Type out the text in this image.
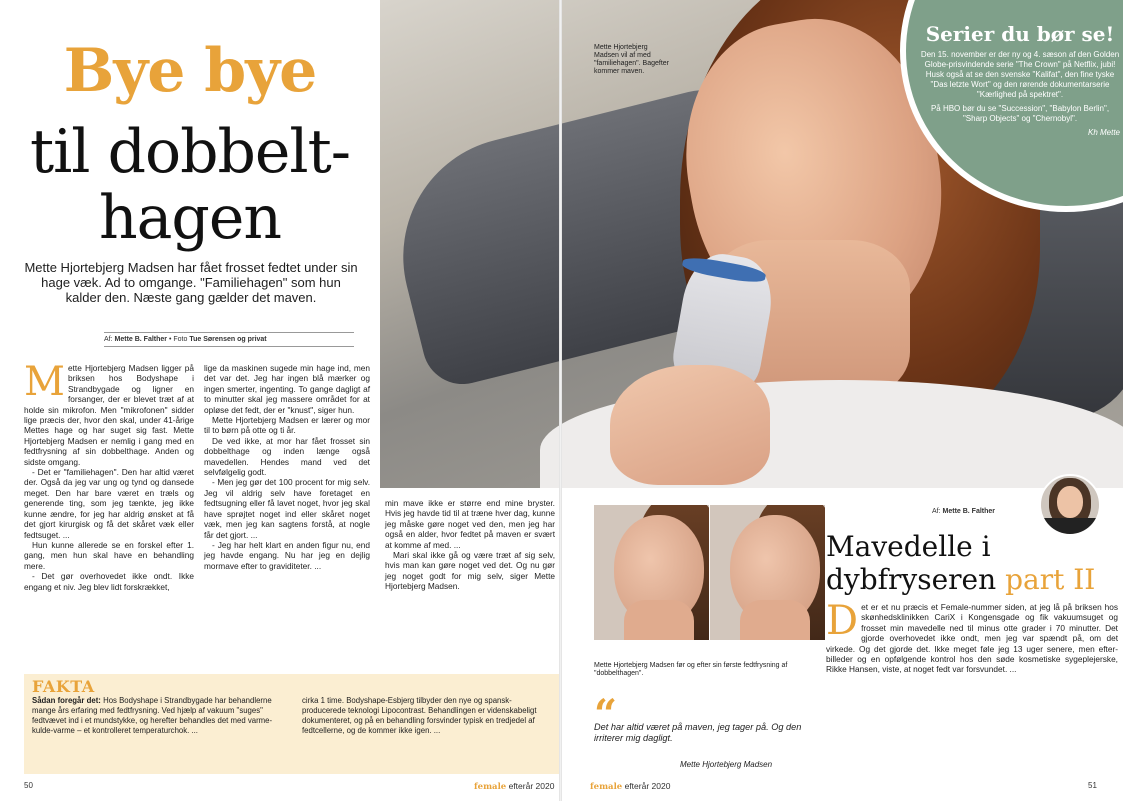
Mette Hjortebjerg Madsen vil af med "familiehagen". Bagefter kommer maven.
Bye bye
til dobbelt-
hagen
Mette Hjortebjerg Madsen har fået frosset fedtet under sin hage væk. Ad to omgange. "Familiehagen" som hun kalder den. Næste gang gælder det maven.
Af: Mette B. Falther • Foto Tue Sørensen og privat
M ette Hjortebjerg Madsen ligger på briksen hos Bodyshape i Strandbygade og ligner en forsanger, der er blevet træt af at holde sin mikrofon. Men "mikrofonen" sidder lige præcis der, hvor den skal, under 41-årige Mettes hage og har suget sig fast. Mette Hjortebjerg Madsen er nemlig i gang med en fedtfrysning af sin dobbelthage. Anden og sidste omgang.

- Det er "familiehagen". Den har altid været der. Også da jeg var ung og tynd og dansede meget. Den har bare været en træls og generende ting, som jeg tænkte, jeg ikke kunne ændre, for jeg har aldrig ønsket at få det gjort kirurgisk og få det skåret væk eller fedtsuget. ...

Hun kunne allerede se en forskel efter 1. gang, men hun skal have en behandling mere.

- Det gør overhovedet ikke ondt. Ikke engang et niv. Jeg blev lidt forskrækket,

lige da maskinen sugede min hage ind, men det var det. Jeg har ingen blå mærker og ingen smerter, ingenting. To gange dagligt af to minutter skal jeg massere området for at opløse det fedt, der er "knust", siger hun.

Mette Hjortebjerg Madsen er lærer og mor til to børn på otte og ti år.

De ved ikke, at mor har fået frosset sin dobbelthage og inden længe også mavedellen. Hendes mand ved det selvfølgelig godt.

- Men jeg gør det 100 procent for mig selv. Jeg vil aldrig selv have foretaget en fedtsugning eller få lavet noget, hvor jeg skal have sprøjtet noget ind eller skåret noget væk, men jeg kan sagtens forstå, at nogle får det gjort. ...

- Jeg har helt klart en anden figur nu, end jeg havde engang. Nu har jeg en dejlig mormave efter to graviditeter. ...

min mave ikke er større end mine bryster. Hvis jeg havde tid til at træne hver dag, kunne jeg måske gøre noget ved den, men jeg har også en alder, hvor fedtet på maven er svært at komme af med. ...

Mari skal ikke gå og være træt af sig selv, hvis man kan gøre noget ved det. Og nu gør jeg noget godt for mig selv, siger Mette Hjortebjerg Madsen.

FAKTA
Sådan foregår det: Hos Bodyshape i Strandbygade har behandlerne mange års erfaring med fedtfrysning. Ved hjælp af vakuum "suges" fedtvævet ind i et mundstykke, og herefter behandles det med varme-kulde-varme – et kontrolleret temperaturchok. ...
cirka 1 time. Bodyshape-Esbjerg tilbyder den nye og spansk-producerede teknologi Lipocontrast. Behandlingen er videnskabeligt dokumenteret, og på en behandling forsvinder typisk en tredjedel af fedtcellerne, og de kommer ikke igen. ...
50	female efterår 2020
Serier du bør se!

Den 15. november er der ny og 4. sæson af den Golden Globe-prisvindende serie "The Crown" på Netflix, jubi! Husk også at se den svenske "Kalifat", den fine tyske "Das letzte Wort" og den rørende dokumentarserie "Kærlighed på spektret".

På HBO bør du se "Succession", "Babylon Berlin", "Sharp Objects" og "Chernobyl".

Kh Mette
Mette Hjortebjerg Madsen før og efter sin første fedtfrysning af "dobbelthagen".
“
Det har altid været på maven, jeg tager på. Og den irriterer mig dagligt.
Mette Hjortebjerg Madsen
Af: Mette B. Falther
Mavedelle i
dybfryseren part II
D et er et nu præcis et Female-nummer siden, at jeg lå på briksen hos skønhedsklinikken CariX i Kongensgade og fik vakuumsuget og frosset min mavedelle ned til minus otte grader i 70 minutter. Det gjorde overhovedet ikke ondt, men jeg var spændt på, om det virkede. Og det gjorde det. Ikke meget føle jeg 13 uger senere, men efter-billeder og en opfølgende kontrol hos den søde kosmetiske sygeplejerske, Rikke Hansen, viste, at noget fedt var forsvundet. ...
female efterår 2020	51
